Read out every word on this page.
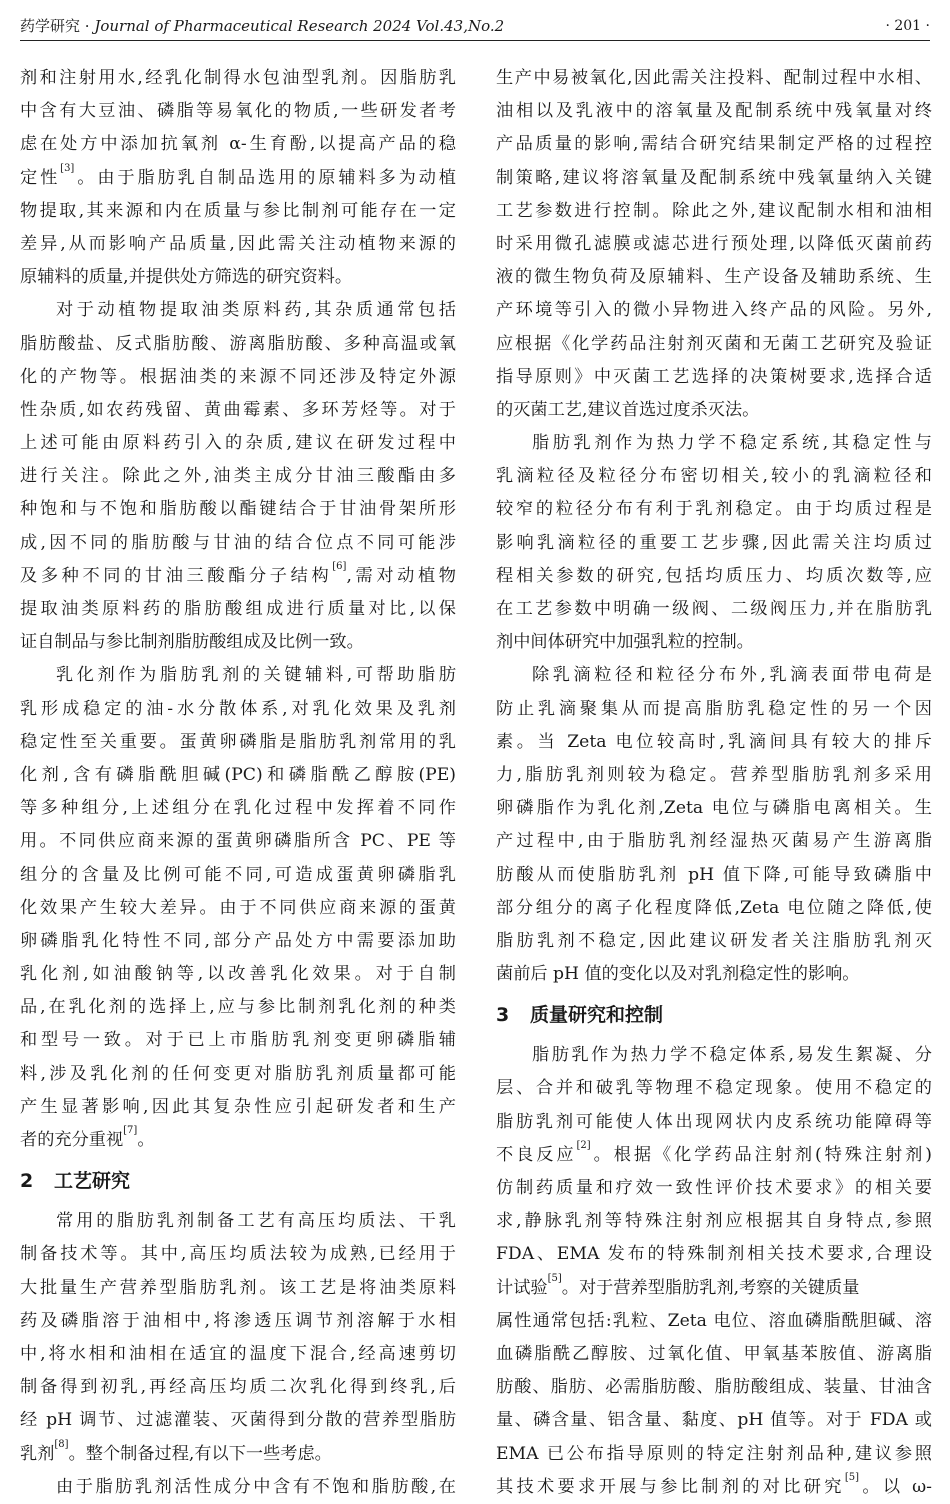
药学研究 · Journal of Pharmaceutical Research 2024 Vol.43,No.2	· 201 ·
剂和注射用水,经乳化制得水包油型乳剂。因脂肪乳
中含有大豆油、磷脂等易氧化的物质,一些研发者考
虑在处方中添加抗氧剂 α-生育酚,以提高产品的稳
定性[3]。由于脂肪乳自制品选用的原辅料多为动植
物提取,其来源和内在质量与参比制剂可能存在一定
差异,从而影响产品质量,因此需关注动植物来源的
原辅料的质量,并提供处方筛选的研究资料。
对于动植物提取油类原料药,其杂质通常包括
脂肪酸盐、反式脂肪酸、游离脂肪酸、多种高温或氧
化的产物等。根据油类的来源不同还涉及特定外源
性杂质,如农药残留、黄曲霉素、多环芳烃等。对于
上述可能由原料药引入的杂质,建议在研发过程中
进行关注。除此之外,油类主成分甘油三酸酯由多
种饱和与不饱和脂肪酸以酯键结合于甘油骨架所形
成,因不同的脂肪酸与甘油的结合位点不同可能涉
及多种不同的甘油三酸酯分子结构[6],需对动植物
提取油类原料药的脂肪酸组成进行质量对比,以保
证自制品与参比制剂脂肪酸组成及比例一致。
乳化剂作为脂肪乳剂的关键辅料,可帮助脂肪
乳形成稳定的油-水分散体系,对乳化效果及乳剂
稳定性至关重要。蛋黄卵磷脂是脂肪乳剂常用的乳
化剂,含有磷脂酰胆碱(PC)和磷脂酰乙醇胺(PE)
等多种组分,上述组分在乳化过程中发挥着不同作
用。不同供应商来源的蛋黄卵磷脂所含 PC、PE 等
组分的含量及比例可能不同,可造成蛋黄卵磷脂乳
化效果产生较大差异。由于不同供应商来源的蛋黄
卵磷脂乳化特性不同,部分产品处方中需要添加助
乳化剂,如油酸钠等,以改善乳化效果。对于自制
品,在乳化剂的选择上,应与参比制剂乳化剂的种类
和型号一致。对于已上市脂肪乳剂变更卵磷脂辅
料,涉及乳化剂的任何变更对脂肪乳剂质量都可能
产生显著影响,因此其复杂性应引起研发者和生产
者的充分重视[7]。
2 工艺研究
常用的脂肪乳剂制备工艺有高压均质法、干乳
制备技术等。其中,高压均质法较为成熟,已经用于
大批量生产营养型脂肪乳剂。该工艺是将油类原料
药及磷脂溶于油相中,将渗透压调节剂溶解于水相
中,将水相和油相在适宜的温度下混合,经高速剪切
制备得到初乳,再经高压均质二次乳化得到终乳,后
经 pH 调节、过滤灌装、灭菌得到分散的营养型脂肪
乳剂[8]。整个制备过程,有以下一些考虑。
由于脂肪乳剂活性成分中含有不饱和脂肪酸,在
生产中易被氧化,因此需关注投料、配制过程中水相、
油相以及乳液中的溶氧量及配制系统中残氧量对终
产品质量的影响,需结合研究结果制定严格的过程控
制策略,建议将溶氧量及配制系统中残氧量纳入关键
工艺参数进行控制。除此之外,建议配制水相和油相
时采用微孔滤膜或滤芯进行预处理,以降低灭菌前药
液的微生物负荷及原辅料、生产设备及辅助系统、生
产环境等引入的微小异物进入终产品的风险。另外,
应根据《化学药品注射剂灭菌和无菌工艺研究及验证
指导原则》中灭菌工艺选择的决策树要求,选择合适
的灭菌工艺,建议首选过度杀灭法。
脂肪乳剂作为热力学不稳定系统,其稳定性与
乳滴粒径及粒径分布密切相关,较小的乳滴粒径和
较窄的粒径分布有利于乳剂稳定。由于均质过程是
影响乳滴粒径的重要工艺步骤,因此需关注均质过
程相关参数的研究,包括均质压力、均质次数等,应
在工艺参数中明确一级阀、二级阀压力,并在脂肪乳
剂中间体研究中加强乳粒的控制。
除乳滴粒径和粒径分布外,乳滴表面带电荷是
防止乳滴聚集从而提高脂肪乳稳定性的另一个因
素。当 Zeta 电位较高时,乳滴间具有较大的排斥
力,脂肪乳剂则较为稳定。营养型脂肪乳剂多采用
卵磷脂作为乳化剂,Zeta 电位与磷脂电离相关。生
产过程中,由于脂肪乳剂经湿热灭菌易产生游离脂
肪酸从而使脂肪乳剂 pH 值下降,可能导致磷脂中
部分组分的离子化程度降低,Zeta 电位随之降低,使
脂肪乳剂不稳定,因此建议研发者关注脂肪乳剂灭
菌前后 pH 值的变化以及对乳剂稳定性的影响。
3 质量研究和控制
脂肪乳作为热力学不稳定体系,易发生絮凝、分
层、合并和破乳等物理不稳定现象。使用不稳定的
脂肪乳剂可能使人体出现网状内皮系统功能障碍等
不良反应[2]。根据《化学药品注射剂(特殊注射剂)
仿制药质量和疗效一致性评价技术要求》的相关要
求,静脉乳剂等特殊注射剂应根据其自身特点,参照
FDA、EMA 发布的特殊制剂相关技术要求,合理设
计试验[5]。对于营养型脂肪乳剂,考察的关键质量
属性通常包括:乳粒、Zeta 电位、溶血磷脂酰胆碱、溶
血磷脂酰乙醇胺、过氧化值、甲氧基苯胺值、游离脂
肪酸、脂肪、必需脂肪酸、脂肪酸组成、装量、甘油含
量、磷含量、铝含量、黏度、pH 值等。对于 FDA 或
EMA 已公布指导原则的特定注射剂品种,建议参照
其技术要求开展与参比制剂的对比研究[5]。以 ω-
